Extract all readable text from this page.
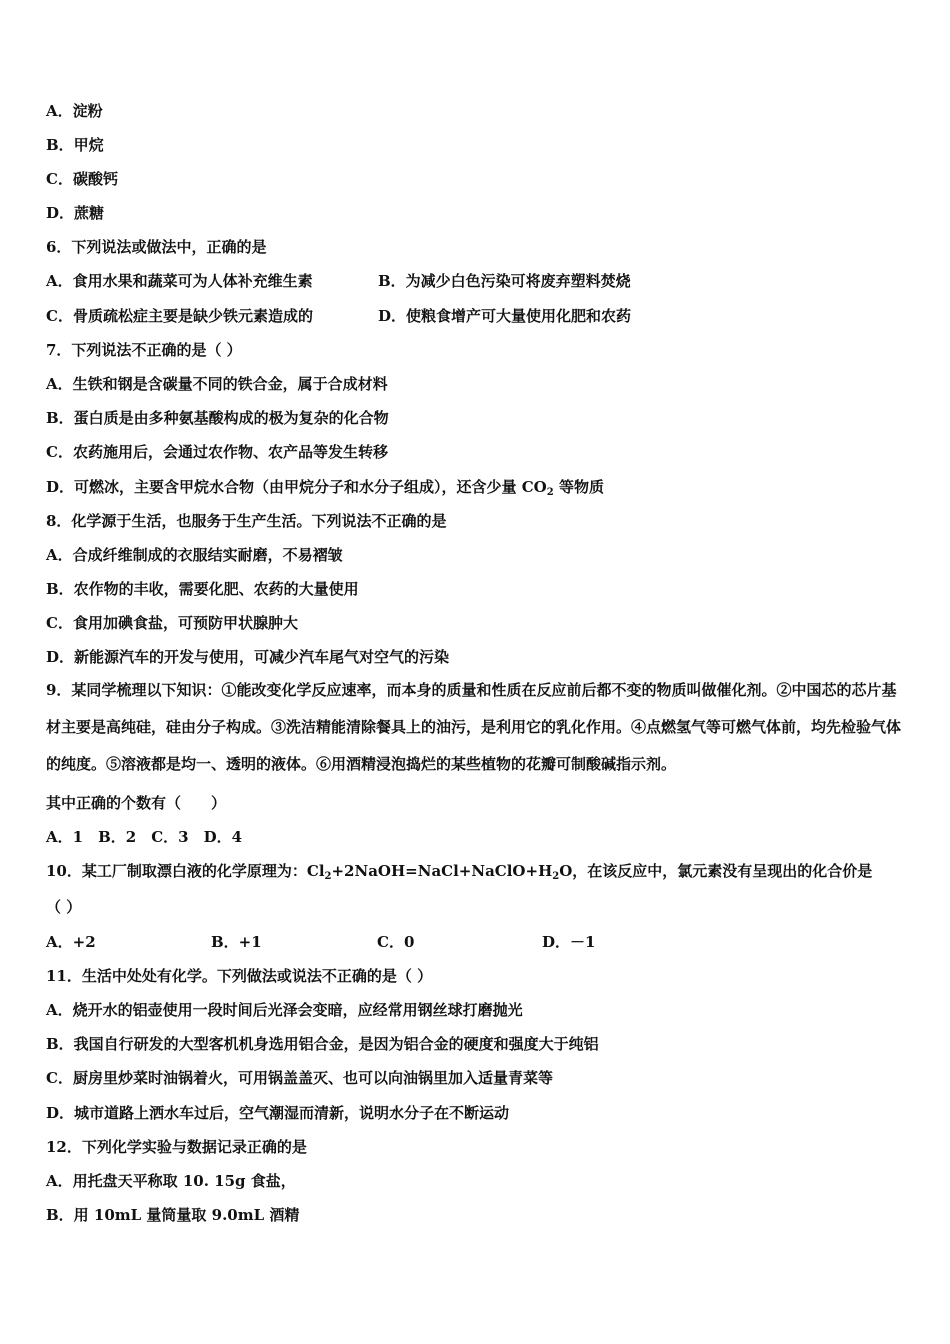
A．淀粉
B．甲烷
C．碳酸钙
D．蔗糖
6．下列说法或做法中，正确的是
A．食用水果和蔬菜可为人体补充维生素	B．为减少白色污染可将废弃塑料焚烧
C．骨质疏松症主要是缺少铁元素造成的	D．使粮食增产可大量使用化肥和农药
7．下列说法不正确的是（ ）
A．生铁和钢是含碳量不同的铁合金，属于合成材料
B．蛋白质是由多种氨基酸构成的极为复杂的化合物
C．农药施用后，会通过农作物、农产品等发生转移
D．可燃冰，主要含甲烷水合物（由甲烷分子和水分子组成），还含少量 $CO_2$ 等物质
8．化学源于生活，也服务于生产生活。下列说法不正确的是
A．合成纤维制成的衣服结实耐磨，不易褶皱
B．农作物的丰收，需要化肥、农药的大量使用
C．食用加碘食盐，可预防甲状腺肿大
D．新能源汽车的开发与使用，可减少汽车尾气对空气的污染
9．某同学梳理以下知识：①能改变化学反应速率，而本身的质量和性质在反应前后都不变的物质叫做催化剂。②中国芯的芯片基材主要是高纯硅，硅由分子构成。③洗洁精能清除餐具上的油污，是利用它的乳化作用。④点燃氢气等可燃气体前，均先检验气体的纯度。⑤溶液都是均一、透明的液体。⑥用酒精浸泡捣烂的某些植物的花瓣可制酸碱指示剂。
其中正确的个数有（　　）
A．1　B．2　C．3　D．4
10．某工厂制取漂白液的化学原理为：$Cl_2+2NaOH=NaCl+NaClO+H_2O$，在该反应中，氯元素没有呈现出的化合价是
（ ）
A．+2	B．+1	C．0	D．－1
11．生活中处处有化学。下列做法或说法不正确的是（ ）
A．烧开水的铝壶使用一段时间后光泽会变暗，应经常用钢丝球打磨抛光
B．我国自行研发的大型客机机身选用铝合金，是因为铝合金的硬度和强度大于纯铝
C．厨房里炒菜时油锅着火，可用锅盖盖灭、也可以向油锅里加入适量青菜等
D．城市道路上洒水车过后，空气潮湿而清新，说明水分子在不断运动
12．下列化学实验与数据记录正确的是
A．用托盘天平称取 10. 15g 食盐，
B．用 10mL 量筒量取 9.0mL 酒精
